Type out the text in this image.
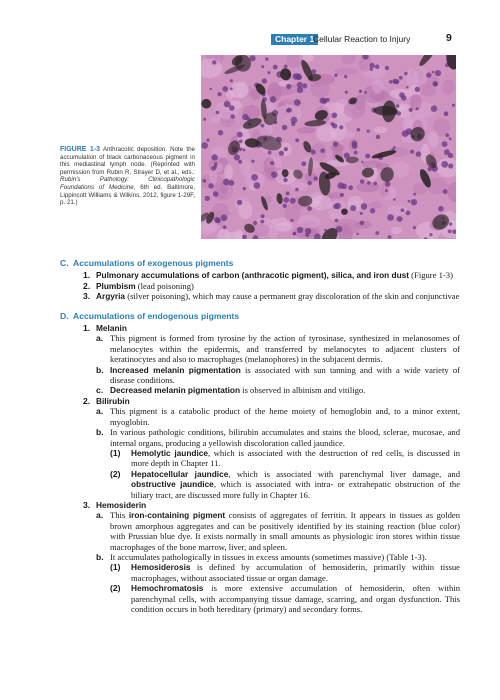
Chapter 1
Cellular Reaction to Injury	9
FIGURE 1-3 Anthracotic deposition. Note the accumulation of black carbonaceous pigment in this mediastinal lymph node. (Reprinted with permission from Rubin R, Strayer D, et al., eds.: Rubin's Pathology: Clinicopathologic Foundations of Medicine, 6th ed. Baltimore, Lippincott Williams & Wilkins, 2012, figure 1-29F, p. 21.)
C. Accumulations of exogenous pigments
1. Pulmonary accumulations of carbon (anthracotic pigment), silica, and iron dust (Figure 1-3)
2. Plumbism (lead poisoning)
3. Argyria (silver poisoning), which may cause a permanent gray discoloration of the skin and conjunctivae
D. Accumulations of endogenous pigments
1. Melanin
a. This pigment is formed from tyrosine by the action of tyrosinase, synthesized in melanosomes of melanocytes within the epidermis, and transferred by melanocytes to adjacent clusters of keratinocytes and also to macrophages (melanophores) in the subjacent dermis.
b. Increased melanin pigmentation is associated with sun tanning and with a wide variety of disease conditions.
c. Decreased melanin pigmentation is observed in albinism and vitiligo.
2. Bilirubin
a. This pigment is a catabolic product of the heme moiety of hemoglobin and, to a minor extent, myoglobin.
b. In various pathologic conditions, bilirubin accumulates and stains the blood, sclerae, mucosae, and internal organs, producing a yellowish discoloration called jaundice.
(1) Hemolytic jaundice, which is associated with the destruction of red cells, is discussed in more depth in Chapter 11.
(2) Hepatocellular jaundice, which is associated with parenchymal liver damage, and obstructive jaundice, which is associated with intra- or extrahepatic obstruction of the biliary tract, are discussed more fully in Chapter 16.
3. Hemosiderin
a. This iron-containing pigment consists of aggregates of ferritin. It appears in tissues as golden brown amorphous aggregates and can be positively identified by its staining reaction (blue color) with Prussian blue dye. It exists normally in small amounts as physiologic iron stores within tissue macrophages of the bone marrow, liver, and spleen.
b. It accumulates pathologically in tissues in excess amounts (sometimes massive) (Table 1-3).
(1) Hemosiderosis is defined by accumulation of hemosiderin, primarily within tissue macrophages, without associated tissue or organ damage.
(2) Hemochromatosis is more extensive accumulation of hemosiderin, often within parenchymal cells, with accompanying tissue damage, scarring, and organ dysfunction. This condition occurs in both hereditary (primary) and secondary forms.
